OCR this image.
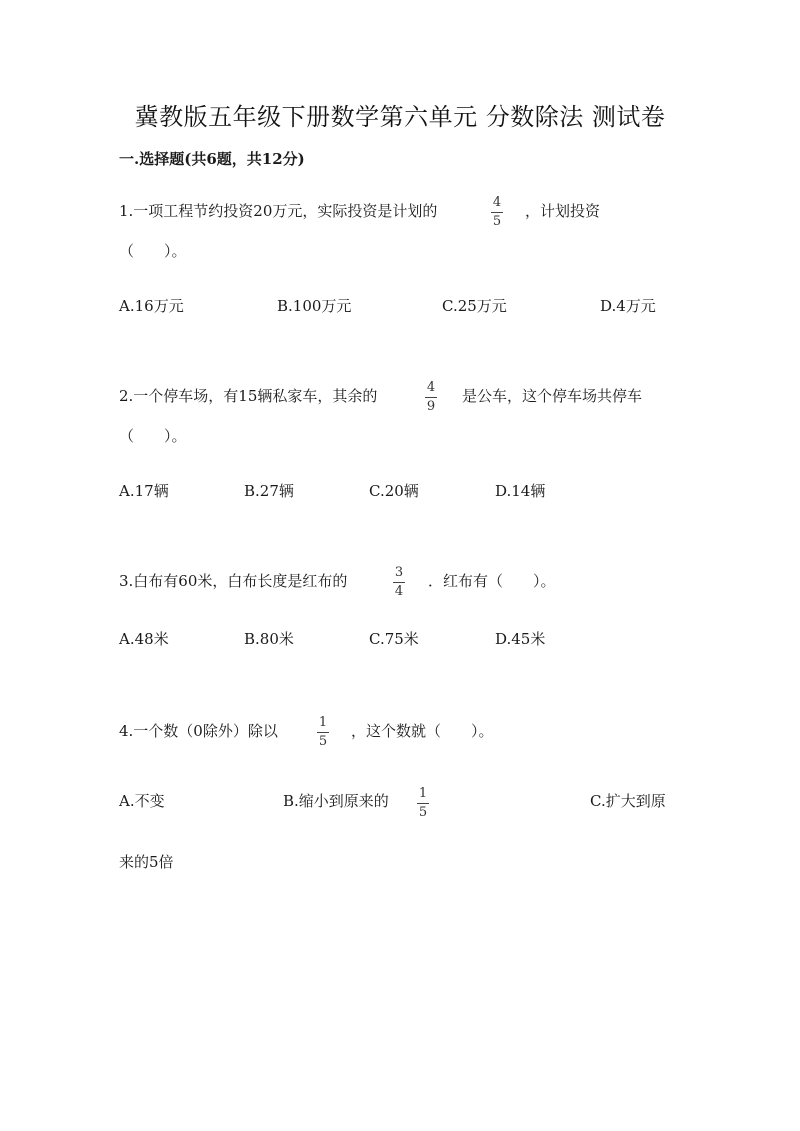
冀教版五年级下册数学第六单元 分数除法 测试卷
一.选择题(共6题，共12分)
1.一项工程节约投资20万元，实际投资是计划的	4
5
，计划投资
（　　）。
A.16万元	B.100万元	C.25万元	D.4万元
2.一个停车场，有15辆私家车，其余的	4
9
是公车，这个停车场共停车
（　　）。
A.17辆	B.27辆	C.20辆	D.14辆
3.白布有60米，白布长度是红布的	3
4
．红布有（　　）。
A.48米	B.80米	C.75米	D.45米
4.一个数（0除外）除以	1
5
，这个数就（　　）。
A.不变	B.缩小到原来的 1
5
C.扩大到原
来的5倍
